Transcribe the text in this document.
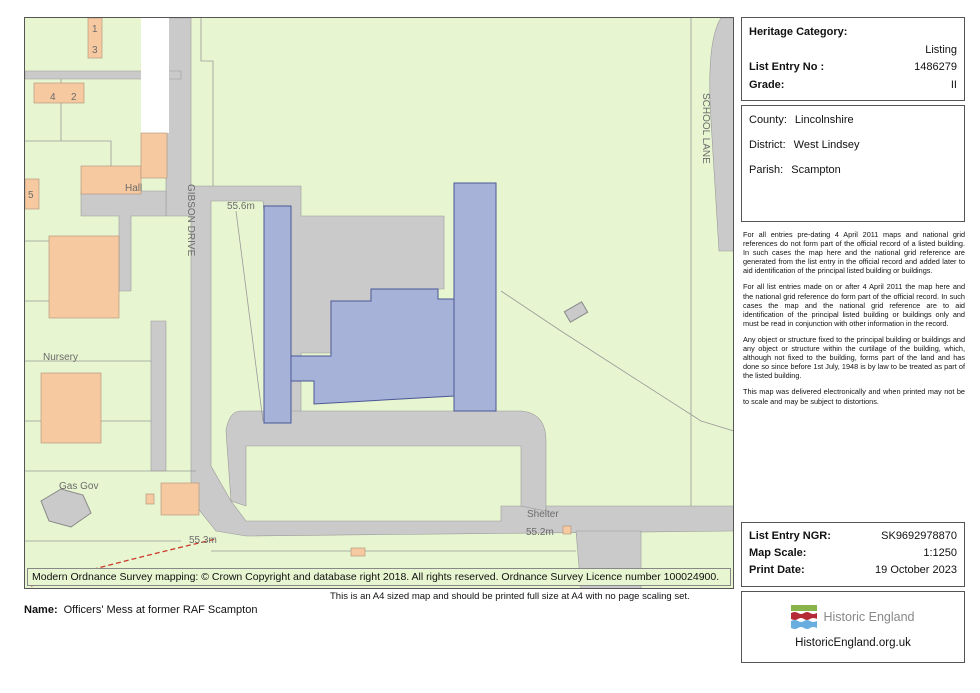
1
3
4 2
5
Hall	GIBSON DRIVE
SCHOOL LANE
55.6m
Nursery
Gas Gov
55.3m
Shelter
55.2m
Modern Ordnance Survey mapping: © Crown Copyright and database right 2018. All rights reserved. Ordnance Survey Licence number 100024900.
This is an A4 sized map and should be printed full size at A4 with no page scaling set.
Name: Officers' Mess at former RAF Scampton
Heritage Category:
Listing
List Entry No :	1486279
Grade:	II
County: Lincolnshire
District: West Lindsey
Parish: Scampton

For all entries pre-dating 4 April 2011 maps and national grid references do not form part of the official record of a listed building. In such cases the map here and the national grid reference are generated from the list entry in the official record and added later to aid identification of the principal listed building or buildings.

For all list entries made on or after 4 April 2011 the map here and the national grid reference do form part of the official record. In such cases the map and the national grid reference are to aid identification of the principal listed building or buildings only and must be read in conjunction with other information in the record.

Any object or structure fixed to the principal building or buildings and any object or structure within the curtilage of the building, which, although not fixed to the building, forms part of the land and has done so since before 1st July, 1948 is by law to be treated as part of the listed building.

This map was delivered electronically and when printed may not be to scale and may be subject to distortions.

List Entry NGR:	SK9692978870
Map Scale:	1:1250
Print Date:	19 October 2023
Historic England
HistoricEngland.org.uk
